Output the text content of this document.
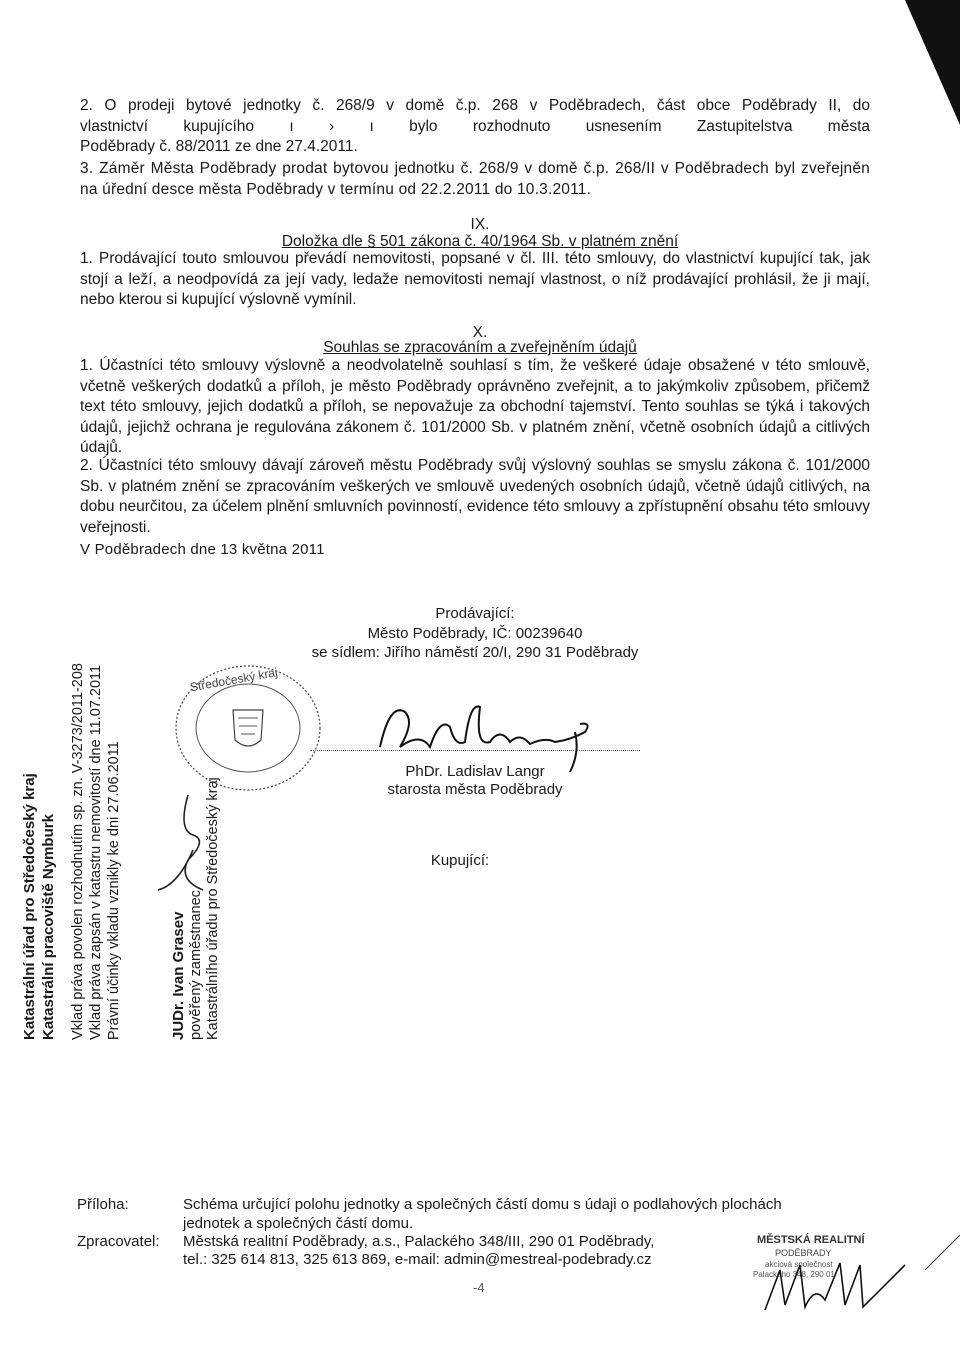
2. O prodeji bytové jednotky č. 268/9 v domě č.p. 268 v Poděbradech, část obce Poděbrady II, do
vlastnictví kupujícího ı › ı bylo rozhodnuto usnesením Zastupitelstva města
Poděbrady č. 88/2011 ze dne 27.4.2011.
3. Záměr Města Poděbrady prodat bytovou jednotku č. 268/9 v domě č.p. 268/II v Poděbradech byl zveřejněn na úřední desce města Poděbrady v termínu od 22.2.2011 do 10.3.2011.
IX.
Doložka dle § 501 zákona č. 40/1964 Sb. v platném znění
1. Prodávající touto smlouvou převádí nemovitosti, popsané v čl. III. této smlouvy, do vlastnictví kupující tak, jak stojí a leží, a neodpovídá za její vady, ledaže nemovitosti nemají vlastnost, o níž prodávající prohlásil, že ji mají, nebo kterou si kupující výslovně vymínil.
X.
Souhlas se zpracováním a zveřejněním údajů
1. Účastníci této smlouvy výslovně a neodvolatelně souhlasí s tím, že veškeré údaje obsažené v této smlouvě, včetně veškerých dodatků a příloh, je město Poděbrady oprávněno zveřejnit, a to jakýmkoliv způsobem, přičemž text této smlouvy, jejich dodatků a příloh, se nepovažuje za obchodní tajemství. Tento souhlas se týká i takových údajů, jejichž ochrana je regulována zákonem č. 101/2000 Sb. v platném znění, včetně osobních údajů a citlivých údajů.
2. Účastníci této smlouvy dávají zároveň městu Poděbrady svůj výslovný souhlas se smyslu zákona č. 101/2000 Sb. v platném znění se zpracováním veškerých ve smlouvě uvedených osobních údajů, včetně údajů citlivých, na dobu neurčitou, za účelem plnění smluvních povinností, evidence této smlouvy a zpřístupnění obsahu této smlouvy veřejnosti.
V Poděbradech dne 13 května 2011
Prodávající:
Město Poděbrady, IČ: 00239640
se sídlem: Jiřího náměstí 20/I, 290 31 Poděbrady
Středočeský kraj
PhDr. Ladislav Langr
starosta města Poděbrady
Kupující:
Katastrální úřad pro Středočeský kraj Katastrální pracoviště Nymburk Vklad práva povolen rozhodnutím sp. zn. V-3273/2011-208 Vklad práva zapsán v katastru nemovitostí dne 11.07.2011 Právní účinky vkladu vznikly ke dni 27.06.2011	JUDr. Ivan Grasev pověřený zaměstnanec Katastrálního úřadu pro Středočeský kraj
Příloha:	Schéma určující polohu jednotky a společných částí domu s údaji o podlahových plochách
jednotek a společných částí domu.
Zpracovatel: Městská realitní Poděbrady, a.s., Palackého 348/III, 290 01 Poděbrady,
tel.: 325 614 813, 325 613 869, e-mail: admin@mestreal-podebrady.cz
MĚSTSKÁ REALITNÍ
PODĚBRADY
akciová společnost
Palackého 348, 290 01
-4
